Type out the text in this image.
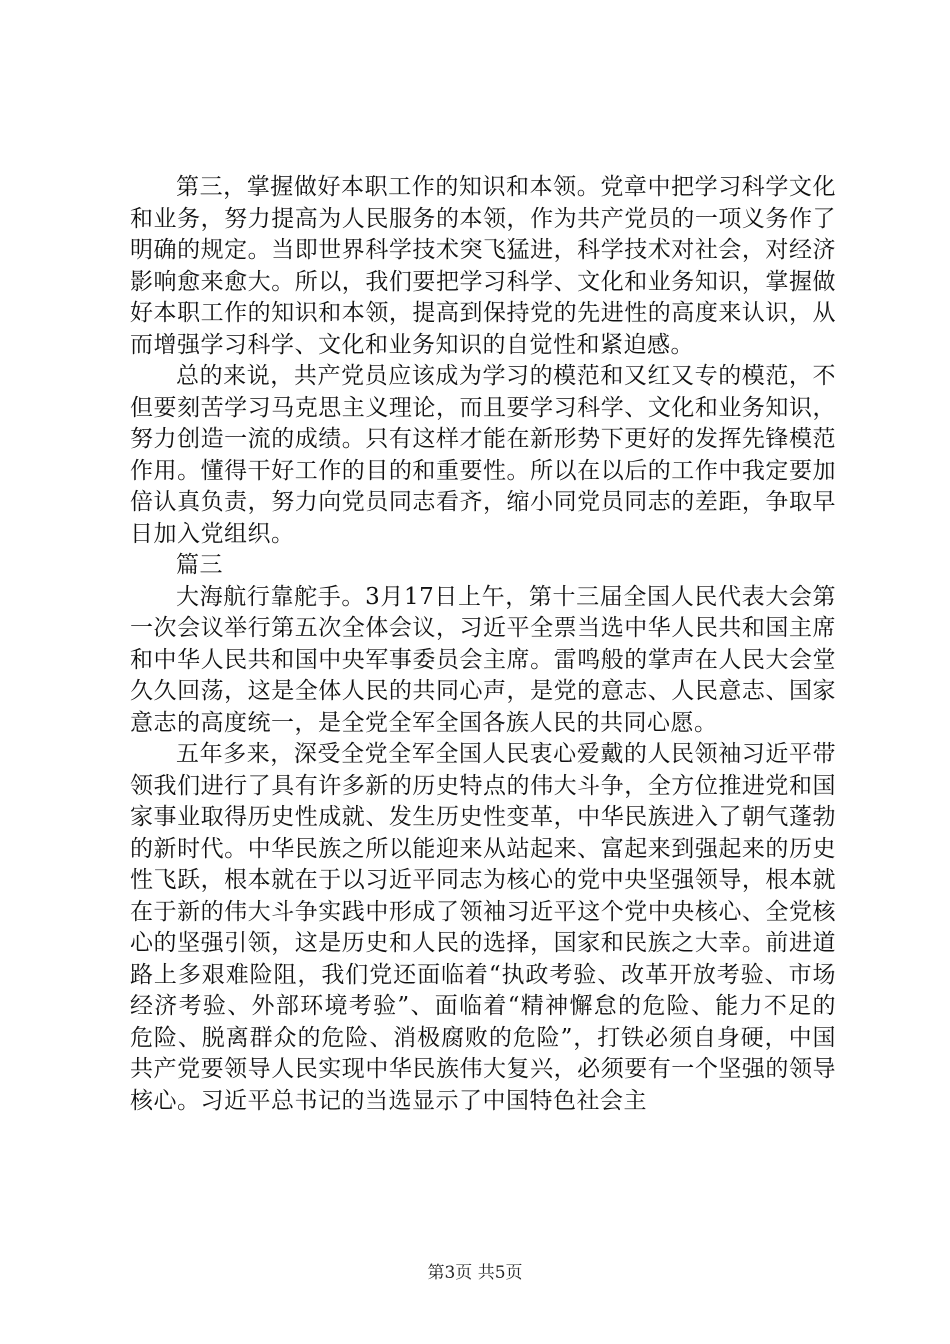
第三，掌握做好本职工作的知识和本领。党章中把学习科学文化和业务，努力提高为人民服务的本领，作为共产党员的一项义务作了明确的规定。当即世界科学技术突飞猛进，科学技术对社会，对经济影响愈来愈大。所以，我们要把学习科学、文化和业务知识，掌握做好本职工作的知识和本领，提高到保持党的先进性的高度来认识，从而增强学习科学、文化和业务知识的自觉性和紧迫感。

总的来说，共产党员应该成为学习的模范和又红又专的模范，不但要刻苦学习马克思主义理论，而且要学习科学、文化和业务知识，努力创造一流的成绩。只有这样才能在新形势下更好的发挥先锋模范作用。懂得干好工作的目的和重要性。所以在以后的工作中我定要加倍认真负责，努力向党员同志看齐，缩小同党员同志的差距，争取早日加入党组织。

篇三

大海航行靠舵手。3月17日上午，第十三届全国人民代表大会第一次会议举行第五次全体会议，习近平全票当选中华人民共和国主席和中华人民共和国中央军事委员会主席。雷鸣般的掌声在人民大会堂久久回荡，这是全体人民的共同心声，是党的意志、人民意志、国家意志的高度统一，是全党全军全国各族人民的共同心愿。

五年多来，深受全党全军全国人民衷心爱戴的人民领袖习近平带领我们进行了具有许多新的历史特点的伟大斗争，全方位推进党和国家事业取得历史性成就、发生历史性变革，中华民族进入了朝气蓬勃的新时代。中华民族之所以能迎来从站起来、富起来到强起来的历史性飞跃，根本就在于以习近平同志为核心的党中央坚强领导，根本就在于新的伟大斗争实践中形成了领袖习近平这个党中央核心、全党核心的坚强引领，这是历史和人民的选择，国家和民族之大幸。前进道路上多艰难险阻，我们党还面临着“执政考验、改革开放考验、市场经济考验、外部环境考验”、面临着“精神懈怠的危险、能力不足的危险、脱离群众的危险、消极腐败的危险”，打铁必须自身硬，中国共产党要领导人民实现中华民族伟大复兴，必须要有一个坚强的领导核心。习近平总书记的当选显示了中国特色社会主

第3页 共5页
